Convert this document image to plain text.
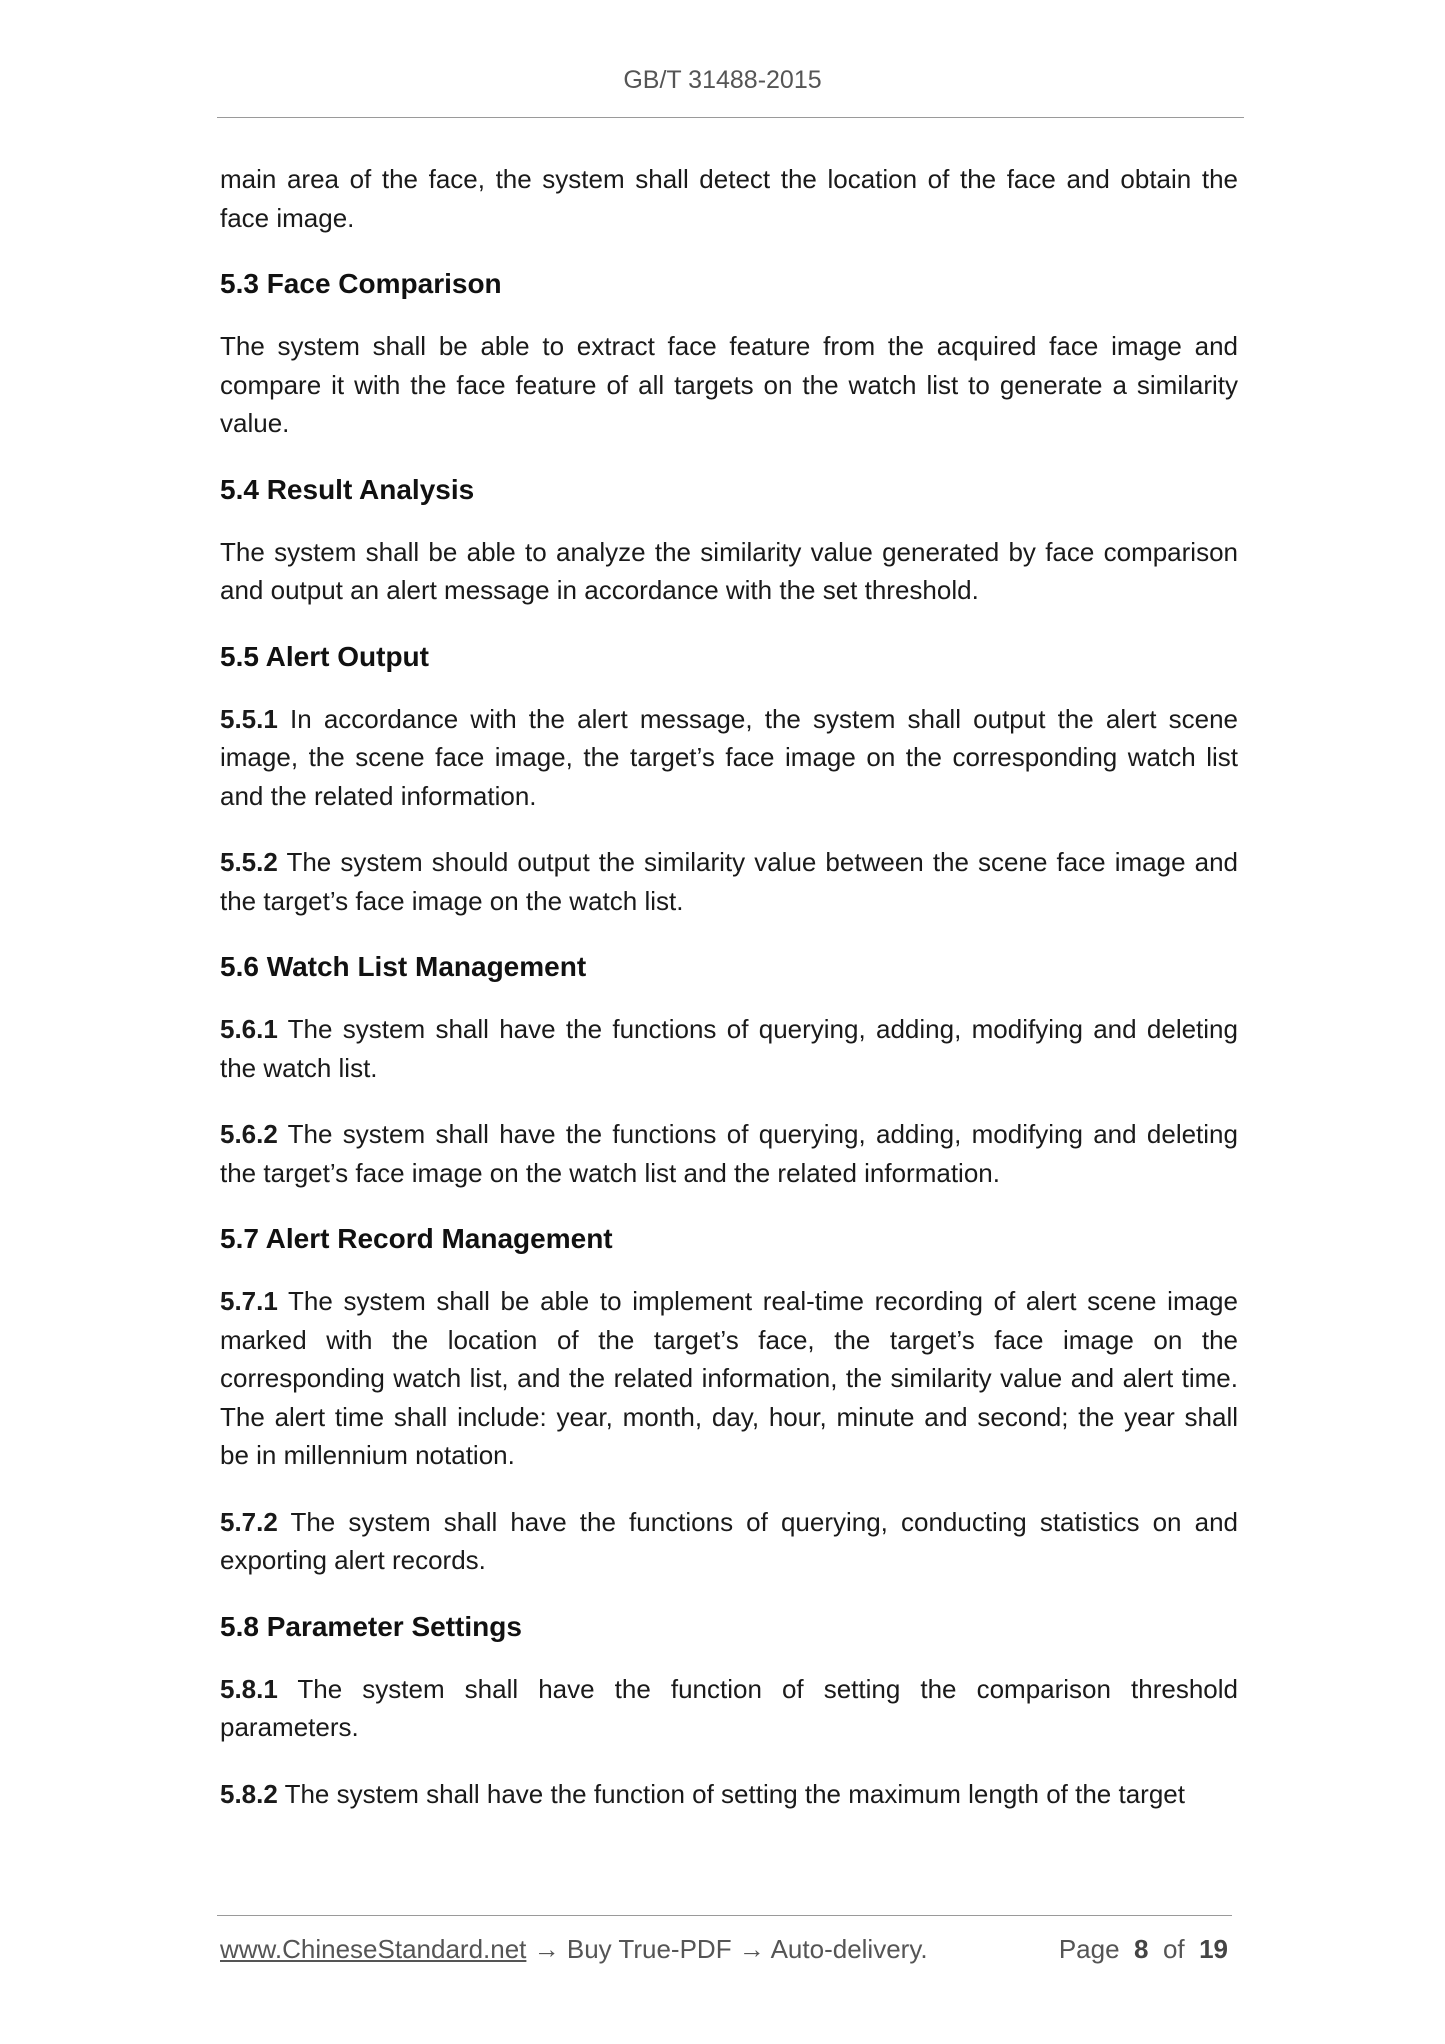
GB/T 31488-2015

main area of the face, the system shall detect the location of the face and obtain the face image.

5.3 Face Comparison

The system shall be able to extract face feature from the acquired face image and compare it with the face feature of all targets on the watch list to generate a similarity value.

5.4 Result Analysis

The system shall be able to analyze the similarity value generated by face comparison and output an alert message in accordance with the set threshold.

5.5 Alert Output

5.5.1 In accordance with the alert message, the system shall output the alert scene image, the scene face image, the target’s face image on the corresponding watch list and the related information.

5.5.2 The system should output the similarity value between the scene face image and the target’s face image on the watch list.

5.6 Watch List Management

5.6.1 The system shall have the functions of querying, adding, modifying and deleting the watch list.

5.6.2 The system shall have the functions of querying, adding, modifying and deleting the target’s face image on the watch list and the related information.

5.7 Alert Record Management

5.7.1 The system shall be able to implement real-time recording of alert scene image marked with the location of the target’s face, the target’s face image on the corresponding watch list, and the related information, the similarity value and alert time. The alert time shall include: year, month, day, hour, minute and second; the year shall be in millennium notation.

5.7.2 The system shall have the functions of querying, conducting statistics on and exporting alert records.

5.8 Parameter Settings

5.8.1 The system shall have the function of setting the comparison threshold parameters.

5.8.2 The system shall have the function of setting the maximum length of the target

www.ChineseStandard.net → Buy True-PDF → Auto-delivery.	Page 8 of 19
